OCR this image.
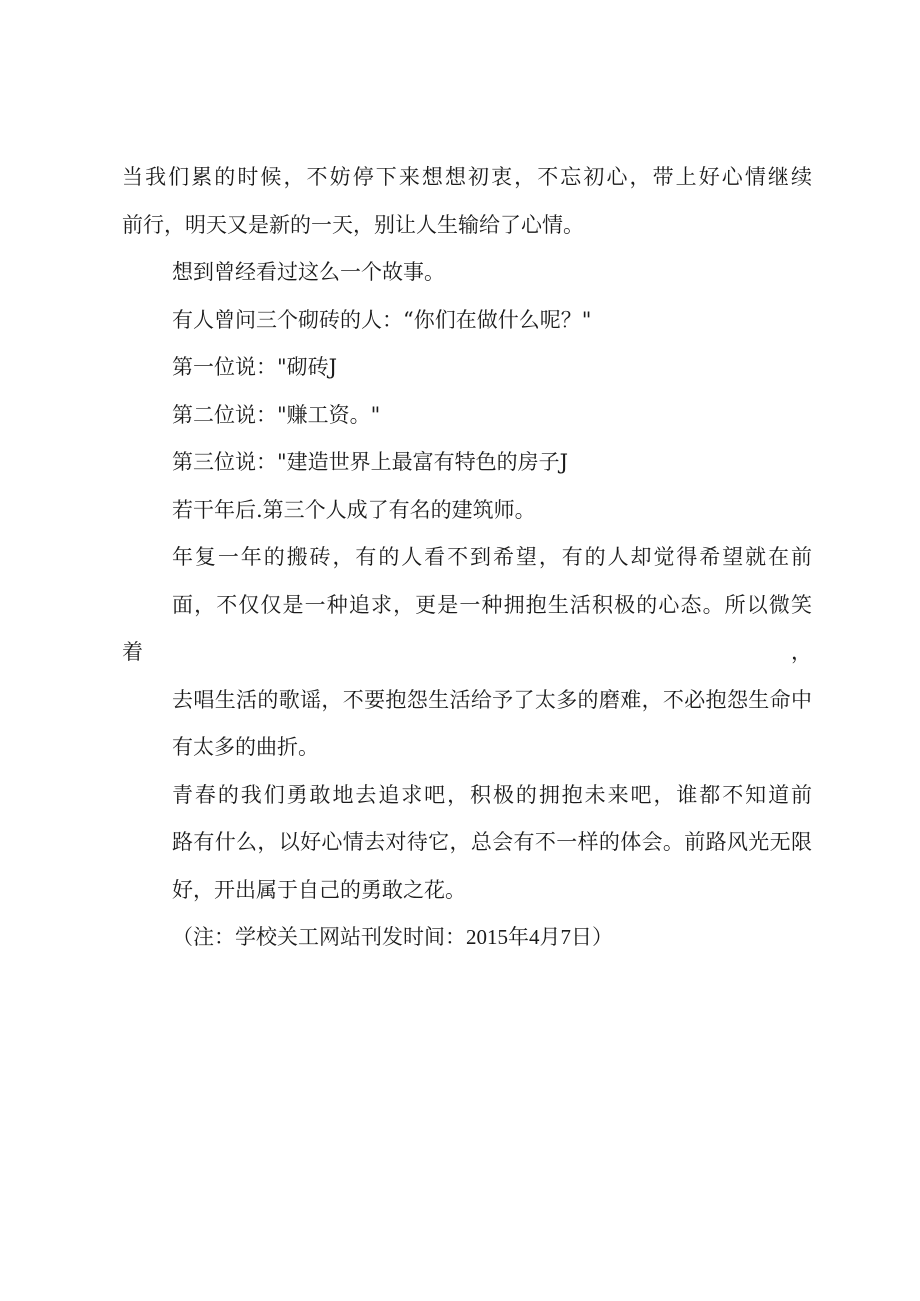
当我们累的时候，不妨停下来想想初衷，不忘初心，带上好心情继续
前行，明天又是新的一天，别让人生输给了心情。

想到曾经看过这么一个故事。

有人曾问三个砌砖的人：“你们在做什么呢？"

第一位说："砌砖J

第二位说："赚工资。"

第三位说："建造世界上最富有特色的房子J

若干年后.第三个人成了有名的建筑师。

年复一年的搬砖，有的人看不到希望，有的人却觉得希望就在前
面，不仅仅是一种追求，更是一种拥抱生活积极的心态。所以微笑着，
去唱生活的歌谣，不要抱怨生活给予了太多的磨难，不必抱怨生命中
有太多的曲折。

青春的我们勇敢地去追求吧，积极的拥抱未来吧，谁都不知道前
路有什么，以好心情去对待它，总会有不一样的体会。前路风光无限
好，开出属于自己的勇敢之花。

（注：学校关工网站刊发时间：2015年4月7日）
